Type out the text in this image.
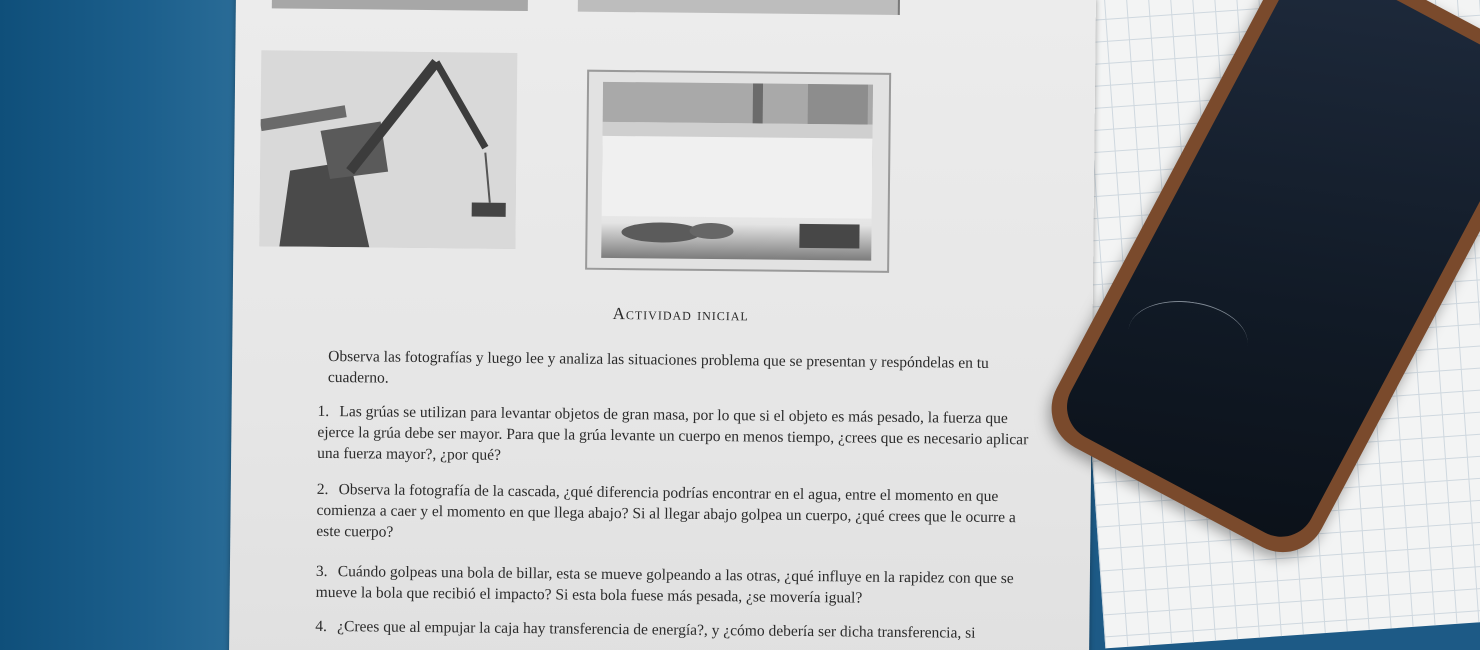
Actividad inicial
Observa las fotografías y luego lee y analiza las situaciones problema que se presentan y respóndelas en tu cuaderno.
1. Las grúas se utilizan para levantar objetos de gran masa, por lo que si el objeto es más pesado, la fuerza que ejerce la grúa debe ser mayor. Para que la grúa levante un cuerpo en menos tiempo, ¿crees que es necesario aplicar una fuerza mayor?, ¿por qué?
2. Observa la fotografía de la cascada, ¿qué diferencia podrías encontrar en el agua, entre el momento en que comienza a caer y el momento en que llega abajo? Si al llegar abajo golpea un cuerpo, ¿qué crees que le ocurre a este cuerpo?
3. Cuándo golpeas una bola de billar, esta se mueve golpeando a las otras, ¿qué influye en la rapidez con que se mueve la bola que recibió el impacto? Si esta bola fuese más pesada, ¿se movería igual?
4. ¿Crees que al empujar la caja hay transferencia de energía?, y ¿cómo debería ser dicha transferencia, si
